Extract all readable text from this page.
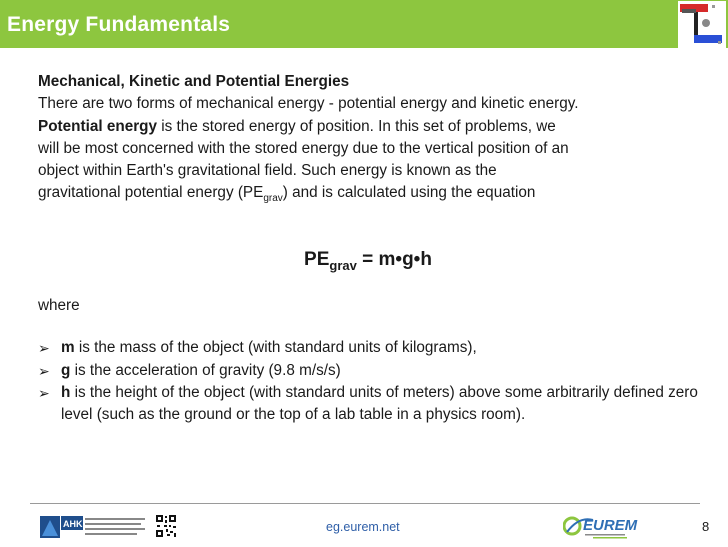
Energy Fundamentals

Mechanical, Kinetic and Potential Energies
There are two forms of mechanical energy - potential energy and kinetic energy.
Potential energy is the stored energy of position. In this set of problems, we
will be most concerned with the stored energy due to the vertical position of an
object within Earth's gravitational field. Such energy is known as the
gravitational potential energy $(PE_{grav})$ and is calculated using the equation

$PE_{grav}$ = m•g•h

where

➢ m is the mass of the object (with standard units of kilograms),
➢ g is the acceleration of gravity (9.8 m/s/s)
➢ h is the height of the object (with standard units of meters) above some arbitrarily defined zero level (such as the ground or the top of a lab table in a physics room).
AHK	eg.eurem.net	EUREM	8
